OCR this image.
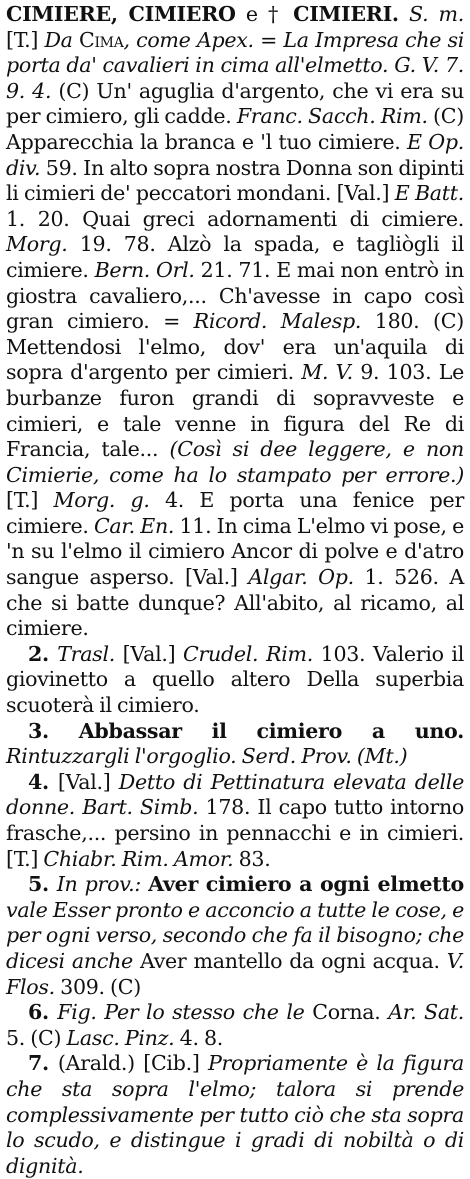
CIMIERE, CIMIERO e † CIMIERI. S. m. [T.] Da Cima, come Apex. = La Impresa che si porta da' cavalieri in cima all'elmetto. G. V. 7. 9. 4. (C) Un' aguglia d'argento, che vi era su per cimiero, gli cadde. Franc. Sacch. Rim. (C) Apparecchia la branca e 'l tuo cimiere. E Op. div. 59. In alto sopra nostra Donna son dipinti li cimieri de' peccatori mondani. [Val.] E Batt. 1. 20. Quai greci adornamenti di cimiere. Morg. 19. 78. Alzò la spada, e tagliògli il cimiere. Bern. Orl. 21. 71. E mai non entrò in giostra cavaliero,... Ch'avesse in capo così gran cimiero. = Ricord. Malesp. 180. (C) Mettendosi l'elmo, dov' era un'aquila di sopra d'argento per cimieri. M. V. 9. 103. Le burbanze furon grandi di sopravveste e cimieri, e tale venne in figura del Re di Francia, tale... (Così si dee leggere, e non Cimierie, come ha lo stampato per errore.) [T.] Morg. g. 4. E porta una fenice per cimiere. Car. En. 11. In cima L'elmo vi pose, e 'n su l'elmo il cimiero Ancor di polve e d'atro sangue asperso. [Val.] Algar. Op. 1. 526. A che si batte dunque? All'abito, al ricamo, al cimiere.

2. Trasl. [Val.] Crudel. Rim. 103. Valerio il giovinetto a quello altero Della superbia scuoterà il cimiero.

3. Abbassar il cimiero a uno. Rintuzzargli l'orgoglio. Serd. Prov. (Mt.)

4. [Val.] Detto di Pettinatura elevata delle donne. Bart. Simb. 178. Il capo tutto intorno frasche,... persino in pennacchi e in cimieri. [T.] Chiabr. Rim. Amor. 83.

5. In prov.: Aver cimiero a ogni elmetto vale Esser pronto e acconcio a tutte le cose, e per ogni verso, secondo che fa il bisogno; che dicesi anche Aver mantello da ogni acqua. V. Flos. 309. (C)

6. Fig. Per lo stesso che le Corna. Ar. Sat. 5. (C) Lasc. Pinz. 4. 8.

7. (Arald.) [Cib.] Propriamente è la figura che sta sopra l'elmo; talora si prende complessivamente per tutto ciò che sta sopra lo scudo, e distingue i gradi di nobiltà o di dignità.
